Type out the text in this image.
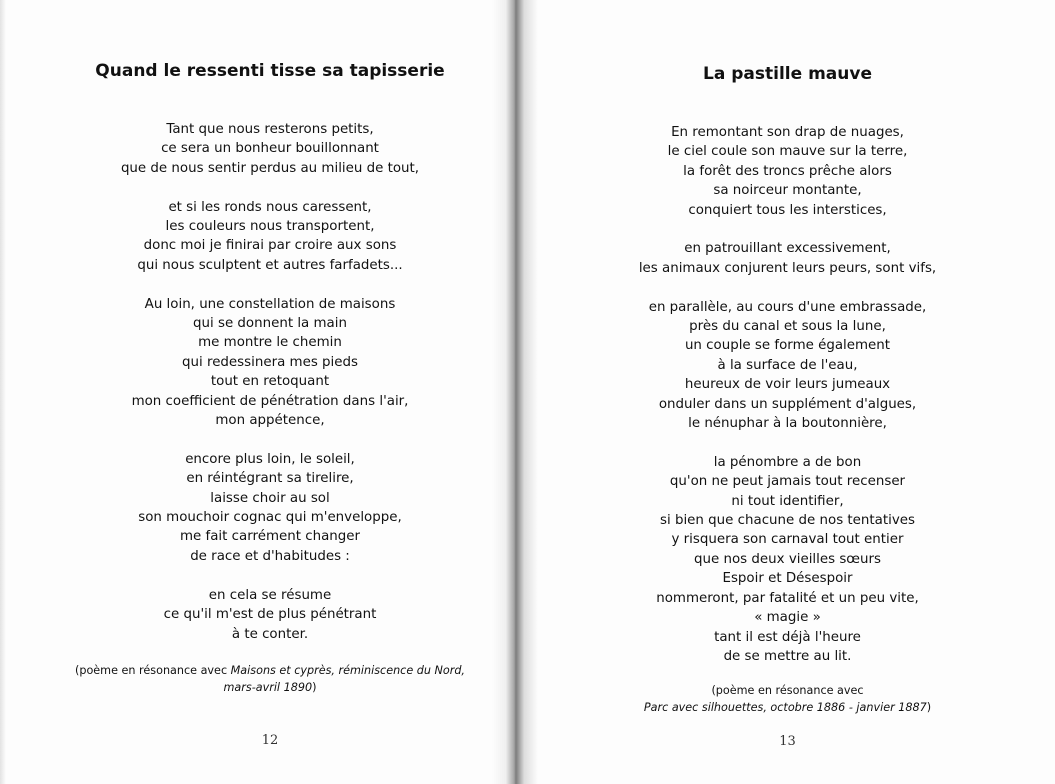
Quand le ressenti tisse sa tapisserie
Tant que nous resterons petits,
ce sera un bonheur bouillonnant
que de nous sentir perdus au milieu de tout,
et si les ronds nous caressent,
les couleurs nous transportent,
donc moi je finirai par croire aux sons
qui nous sculptent et autres farfadets...
Au loin, une constellation de maisons
qui se donnent la main
me montre le chemin
qui redessinera mes pieds
tout en retoquant
mon coefficient de pénétration dans l'air,
mon appétence,
encore plus loin, le soleil,
en réintégrant sa tirelire,
laisse choir au sol
son mouchoir cognac qui m'enveloppe,
me fait carrément changer
de race et d'habitudes :
en cela se résume
ce qu'il m'est de plus pénétrant
à te conter.
(poème en résonance avec Maisons et cyprès, réminiscence du Nord,
mars-avril 1890)
12
La pastille mauve
En remontant son drap de nuages,
le ciel coule son mauve sur la terre,
la forêt des troncs prêche alors
sa noirceur montante,
conquiert tous les interstices,
en patrouillant excessivement,
les animaux conjurent leurs peurs, sont vifs,
en parallèle, au cours d'une embrassade,
près du canal et sous la lune,
un couple se forme également
à la surface de l'eau,
heureux de voir leurs jumeaux
onduler dans un supplément d'algues,
le nénuphar à la boutonnière,
la pénombre a de bon
qu'on ne peut jamais tout recenser
ni tout identifier,
si bien que chacune de nos tentatives
y risquera son carnaval tout entier
que nos deux vieilles sœurs
Espoir et Désespoir
nommeront, par fatalité et un peu vite,
« magie »
tant il est déjà l'heure
de se mettre au lit.
(poème en résonance avec
Parc avec silhouettes, octobre 1886 - janvier 1887)
13
